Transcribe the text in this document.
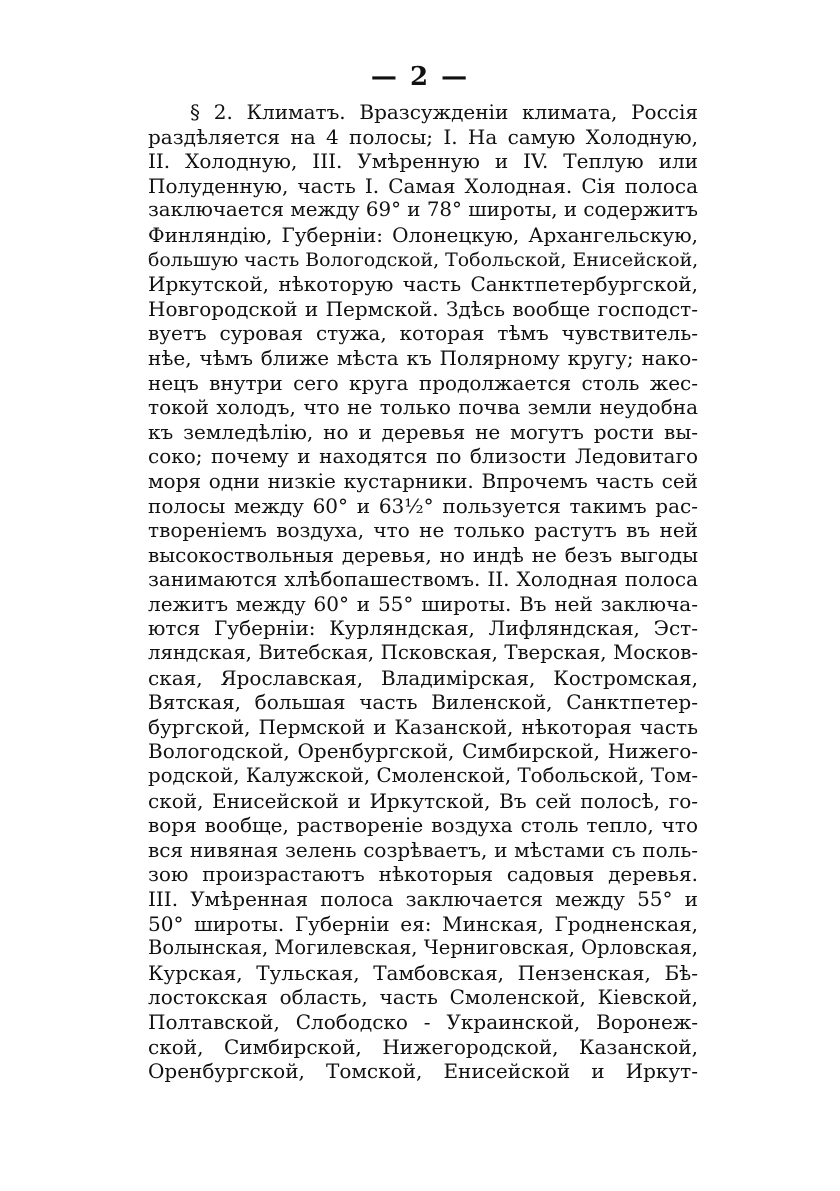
— 2 —
§ 2. Климатъ. Вразсужденіи климата, Россія
раздѣляется на 4 полосы; I. На самую Холодную,
II. Холодную, III. Умѣренную и IV. Теплую или
Полуденную, часть I. Самая Холодная. Сія полоса
заключается между 69° и 78° широты, и содержитъ
Финляндію, Губерніи: Олонецкую, Архангельскую,
большую часть Вологодской, Тобольской, Енисейской,
Иркутской, нѣкоторую часть Санктпетербургской,
Новгородской и Пермской. Здѣсь вообще господст-
вуетъ суровая стужа, которая тѣмъ чувствитель-
нѣе, чѣмъ ближе мѣста къ Полярному кругу; нако-
нецъ внутри сего круга продолжается столь жес-
токой холодъ, что не только почва земли неудобна
къ земледѣлію, но и деревья не могутъ рости вы-
соко; почему и находятся по близости Ледовитаго
моря одни низкіе кустарники. Впрочемъ часть сей
полосы между 60° и 63½° пользуется такимъ рас-
твореніемъ воздуха, что не только растутъ въ ней
высокоствольныя деревья, но индѣ не безъ выгоды
занимаются хлѣбопашествомъ. II. Холодная полоса
лежитъ между 60° и 55° широты. Въ ней заключа-
ются Губерніи: Курляндская, Лифляндская, Эст-
ляндская, Витебская, Псковская, Тверская, Москов-
ская, Ярославская, Владимірская, Костромская,
Вятская, большая часть Виленской, Санктпетер-
бургской, Пермской и Казанской, нѣкоторая часть
Вологодской, Оренбургской, Симбирской, Нижего-
родской, Калужской, Смоленской, Тобольской, Том-
ской, Енисейской и Иркутской, Въ сей полосѣ, го-
воря вообще, раствореніе воздуха столь тепло, что
вся нивяная зелень созрѣваетъ, и мѣстами съ поль-
зою произрастаютъ нѣкоторыя садовыя деревья.
III. Умѣренная полоса заключается между 55° и
50° широты. Губерніи ея: Минская, Гродненская,
Волынская, Могилевская, Черниговская, Орловская,
Курская, Тульская, Тамбовская, Пензенская, Бѣ-
лостокская область, часть Смоленской, Кіевской,
Полтавской, Слободско - Украинской, Воронеж-
ской, Симбирской, Нижегородской, Казанской,
Оренбургской, Томской, Енисейской и Иркут-
